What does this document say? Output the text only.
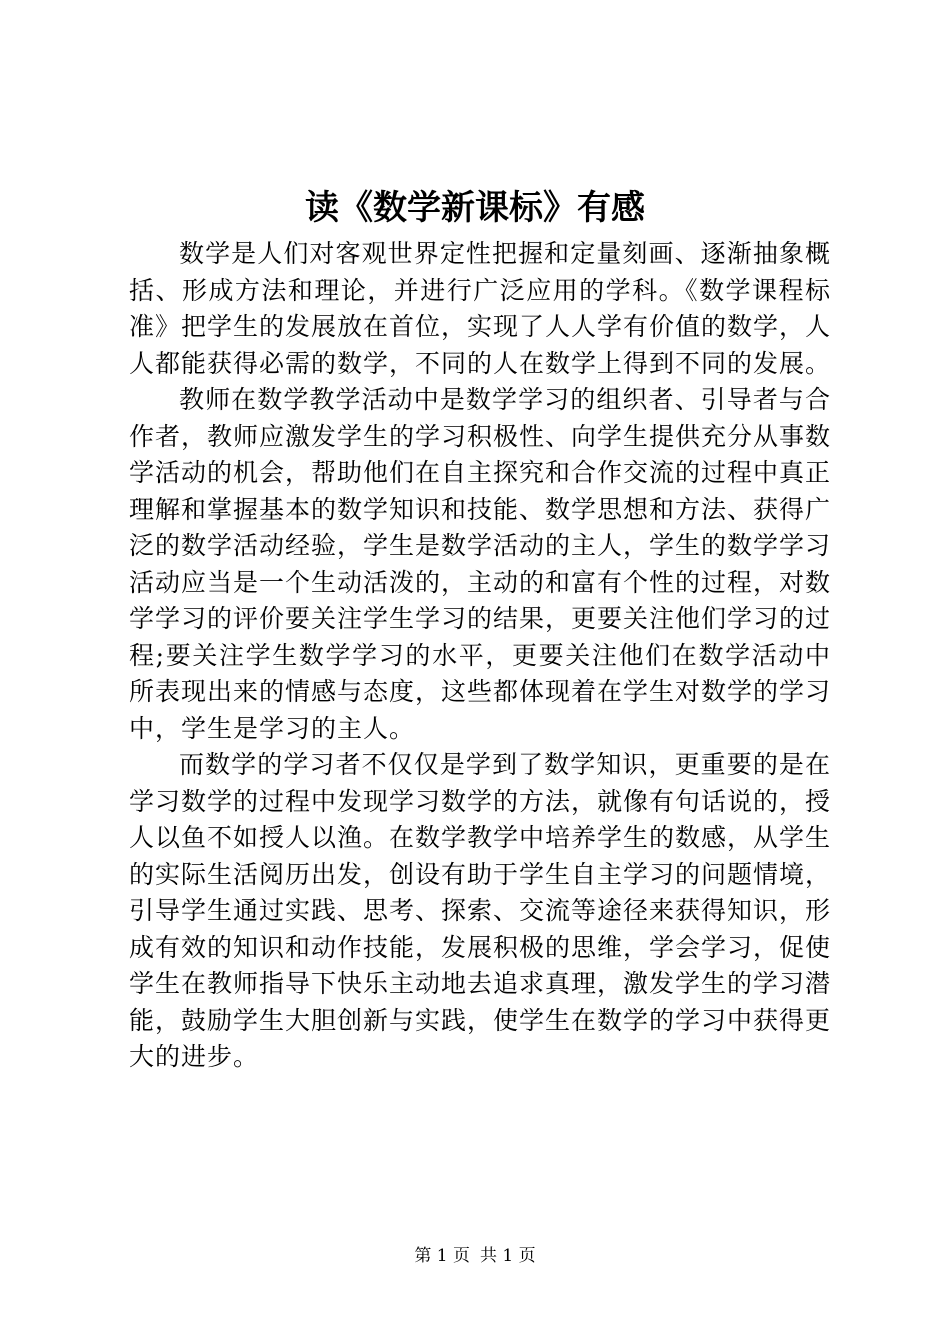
读《数学新课标》有感

数学是人们对客观世界定性把握和定量刻画、逐渐抽象概括、形成方法和理论，并进行广泛应用的学科。《数学课程标准》把学生的发展放在首位，实现了人人学有价值的数学，人人都能获得必需的数学，不同的人在数学上得到不同的发展。

教师在数学教学活动中是数学学习的组织者、引导者与合作者，教师应激发学生的学习积极性、向学生提供充分从事数学活动的机会，帮助他们在自主探究和合作交流的过程中真正理解和掌握基本的数学知识和技能、数学思想和方法、获得广泛的数学活动经验，学生是数学活动的主人，学生的数学学习活动应当是一个生动活泼的，主动的和富有个性的过程，对数学学习的评价要关注学生学习的结果，更要关注他们学习的过程;要关注学生数学学习的水平，更要关注他们在数学活动中所表现出来的情感与态度，这些都体现着在学生对数学的学习中，学生是学习的主人。

而数学的学习者不仅仅是学到了数学知识，更重要的是在学习数学的过程中发现学习数学的方法，就像有句话说的，授人以鱼不如授人以渔。在数学教学中培养学生的数感，从学生的实际生活阅历出发，创设有助于学生自主学习的问题情境，引导学生通过实践、思考、探索、交流等途径来获得知识，形成有效的知识和动作技能，发展积极的思维，学会学习，促使学生在教师指导下快乐主动地去追求真理，激发学生的学习潜能，鼓励学生大胆创新与实践，使学生在数学的学习中获得更大的进步。

第 1 页 共 1 页
